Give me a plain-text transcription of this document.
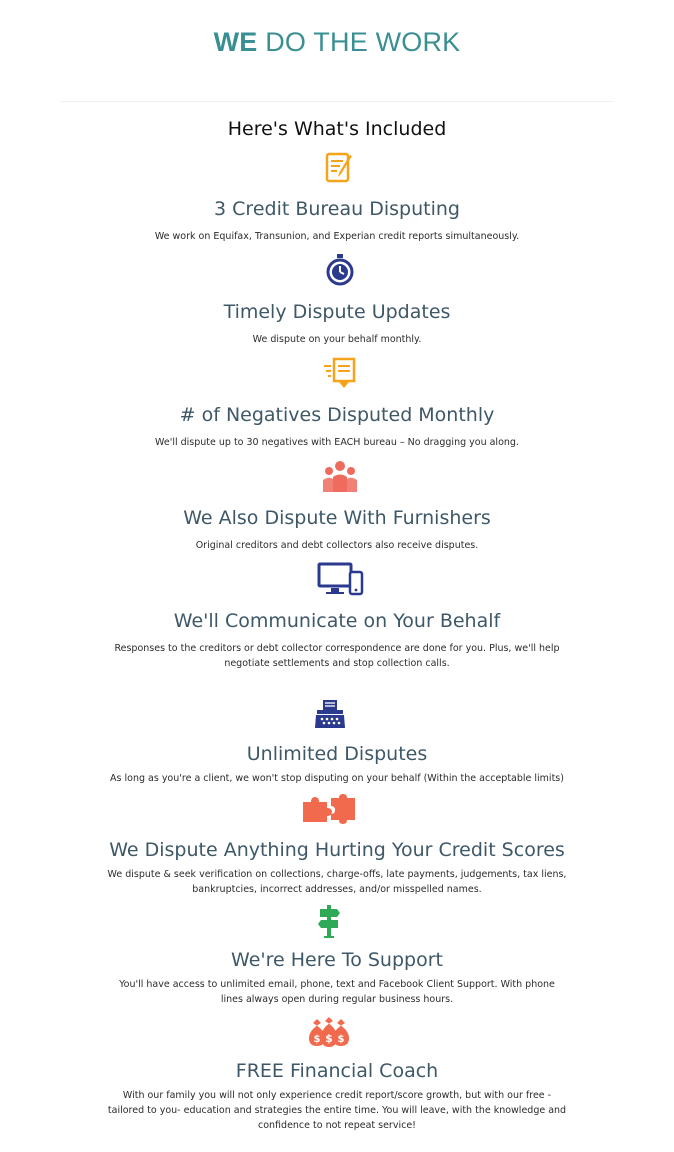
WE DO THE WORK
Here's What's Included
3 Credit Bureau Disputing
We work on Equifax, Transunion, and Experian credit reports simultaneously.
Timely Dispute Updates
We dispute on your behalf monthly.
# of Negatives Disputed Monthly
We'll dispute up to 30 negatives with EACH bureau – No dragging you along.
We Also Dispute With Furnishers
Original creditors and debt collectors also receive disputes.
We'll Communicate on Your Behalf
Responses to the creditors or debt collector correspondence are done for you. Plus, we'll help negotiate settlements and stop collection calls.
Unlimited Disputes
As long as you're a client, we won't stop disputing on your behalf (Within the acceptable limits)
We Dispute Anything Hurting Your Credit Scores
We dispute & seek verification on collections, charge-offs, late payments, judgements, tax liens, bankruptcies, incorrect addresses, and/or misspelled names.
We're Here To Support
You'll have access to unlimited email, phone, text and Facebook Client Support. With phone lines always open during regular business hours.
$ $ $
FREE Financial Coach
With our family you will not only experience credit report/score growth, but with our free -tailored to you- education and strategies the entire time. You will leave, with the knowledge and confidence to not repeat service!
